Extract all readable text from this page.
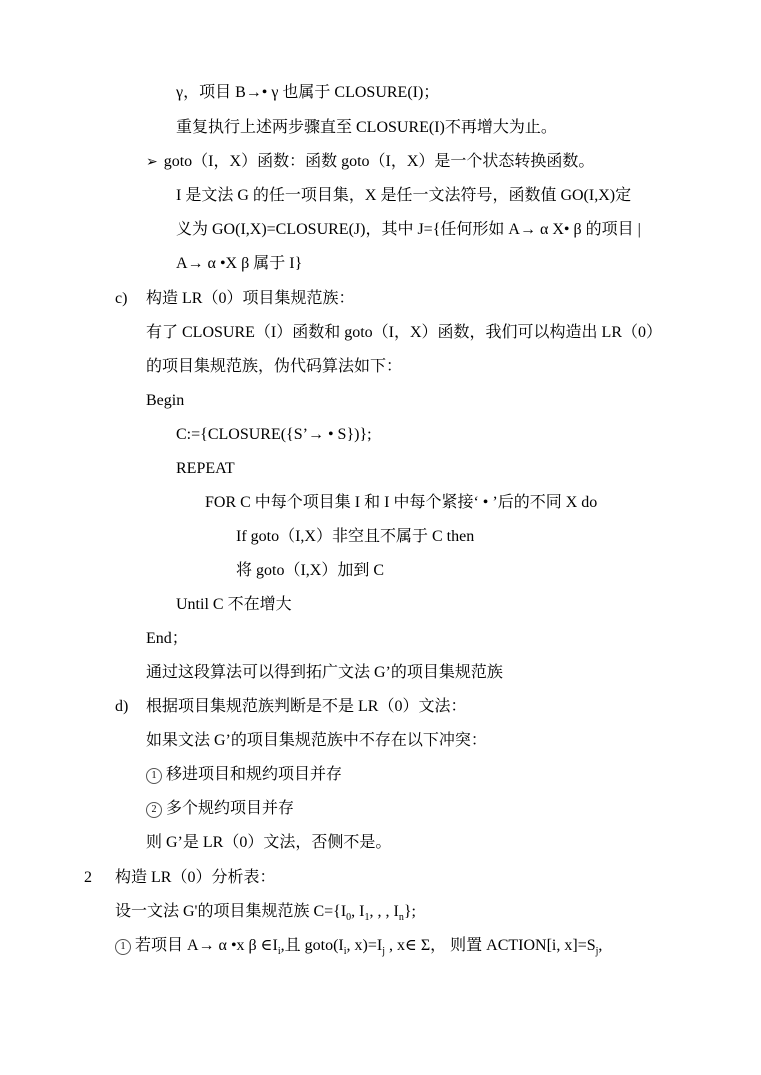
γ，项目 B→• γ 也属于 CLOSURE(I)；
重复执行上述两步骤直至 CLOSURE(I)不再增大为止。
➢ goto（I，X）函数：函数 goto（I，X）是一个状态转换函数。
I 是文法 G 的任一项目集，X 是任一文法符号，函数值 GO(I,X)定
义为 GO(I,X)=CLOSURE(J)，其中 J={任何形如 A→ α X• β 的项目 |
A→ α •X β 属于 I}
c) 构造 LR（0）项目集规范族：
有了 CLOSURE（I）函数和 goto（I，X）函数，我们可以构造出 LR（0）
的项目集规范族，伪代码算法如下：
Begin
C:={CLOSURE({S’→ • S})};
REPEAT
FOR C 中每个项目集 I 和 I 中每个紧接‘ • ’后的不同 X do
If goto（I,X）非空且不属于 C then
将 goto（I,X）加到 C
Until C 不在增大
End；
通过这段算法可以得到拓广文法 G’的项目集规范族
d) 根据项目集规范族判断是不是 LR（0）文法：
如果文法 G’的项目集规范族中不存在以下冲突：
1 移进项目和规约项目并存
2 多个规约项目并存
则 G’是 LR（0）文法，否侧不是。
2 构造 LR（0）分析表：
设一文法 G'的项目集规范族 $C=\{I_0$, $I_1$, , , $I_n$};
1 若项目 A→ α •x β $\in I_i$,且 $goto(I_i$, $x)=I_j$ , x∈ Σ， 则置 ACTION[i, $x]=S_j$,
